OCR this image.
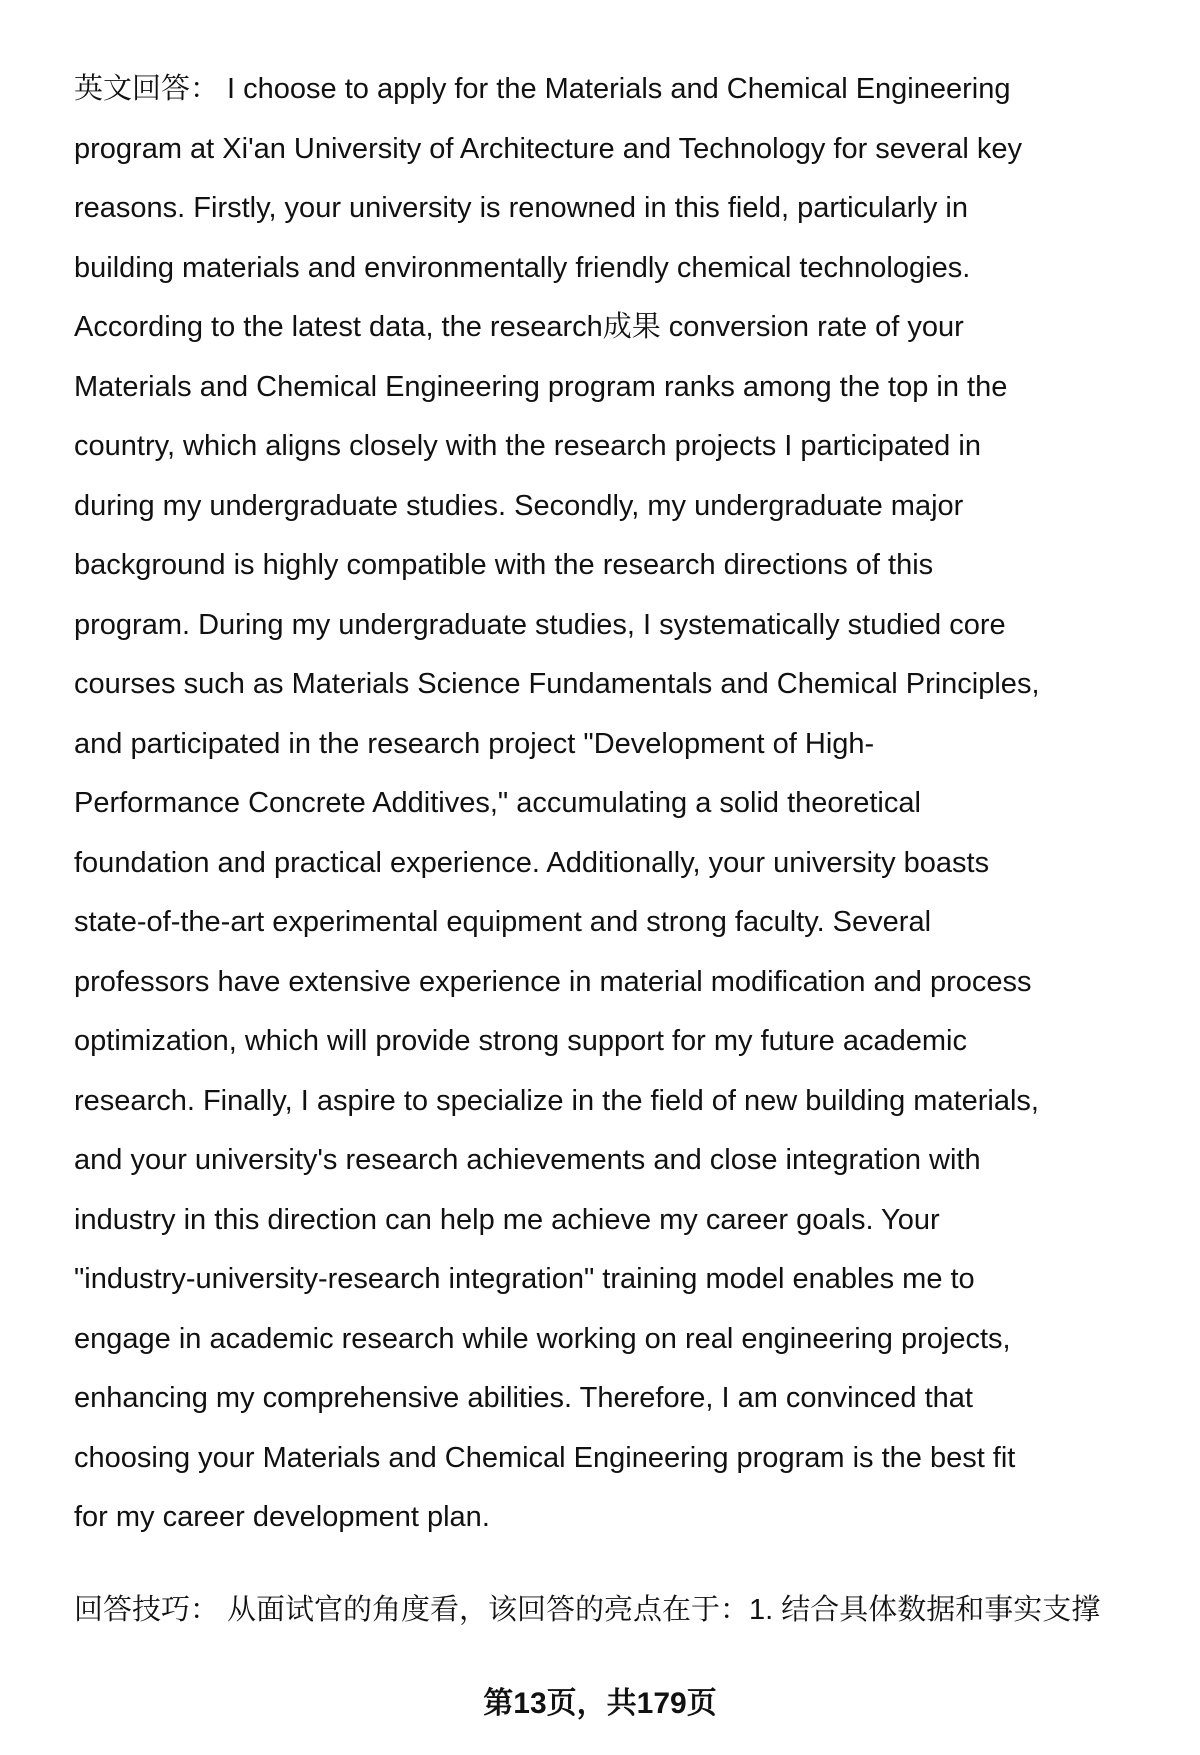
英文回答： I choose to apply for the Materials and Chemical Engineering
program at Xi'an University of Architecture and Technology for several key
reasons. Firstly, your university is renowned in this field, particularly in
building materials and environmentally friendly chemical technologies.
According to the latest data, the research成果 conversion rate of your
Materials and Chemical Engineering program ranks among the top in the
country, which aligns closely with the research projects I participated in
during my undergraduate studies. Secondly, my undergraduate major
background is highly compatible with the research directions of this
program. During my undergraduate studies, I systematically studied core
courses such as Materials Science Fundamentals and Chemical Principles,
and participated in the research project "Development of High-
Performance Concrete Additives," accumulating a solid theoretical
foundation and practical experience. Additionally, your university boasts
state-of-the-art experimental equipment and strong faculty. Several
professors have extensive experience in material modification and process
optimization, which will provide strong support for my future academic
research. Finally, I aspire to specialize in the field of new building materials,
and your university's research achievements and close integration with
industry in this direction can help me achieve my career goals. Your
"industry-university-research integration" training model enables me to
engage in academic research while working on real engineering projects,
enhancing my comprehensive abilities. Therefore, I am convinced that
choosing your Materials and Chemical Engineering program is the best fit
for my career development plan.
回答技巧： 从面试官的角度看，该回答的亮点在于：1. 结合具体数据和事实支撑
第13页，共179页
